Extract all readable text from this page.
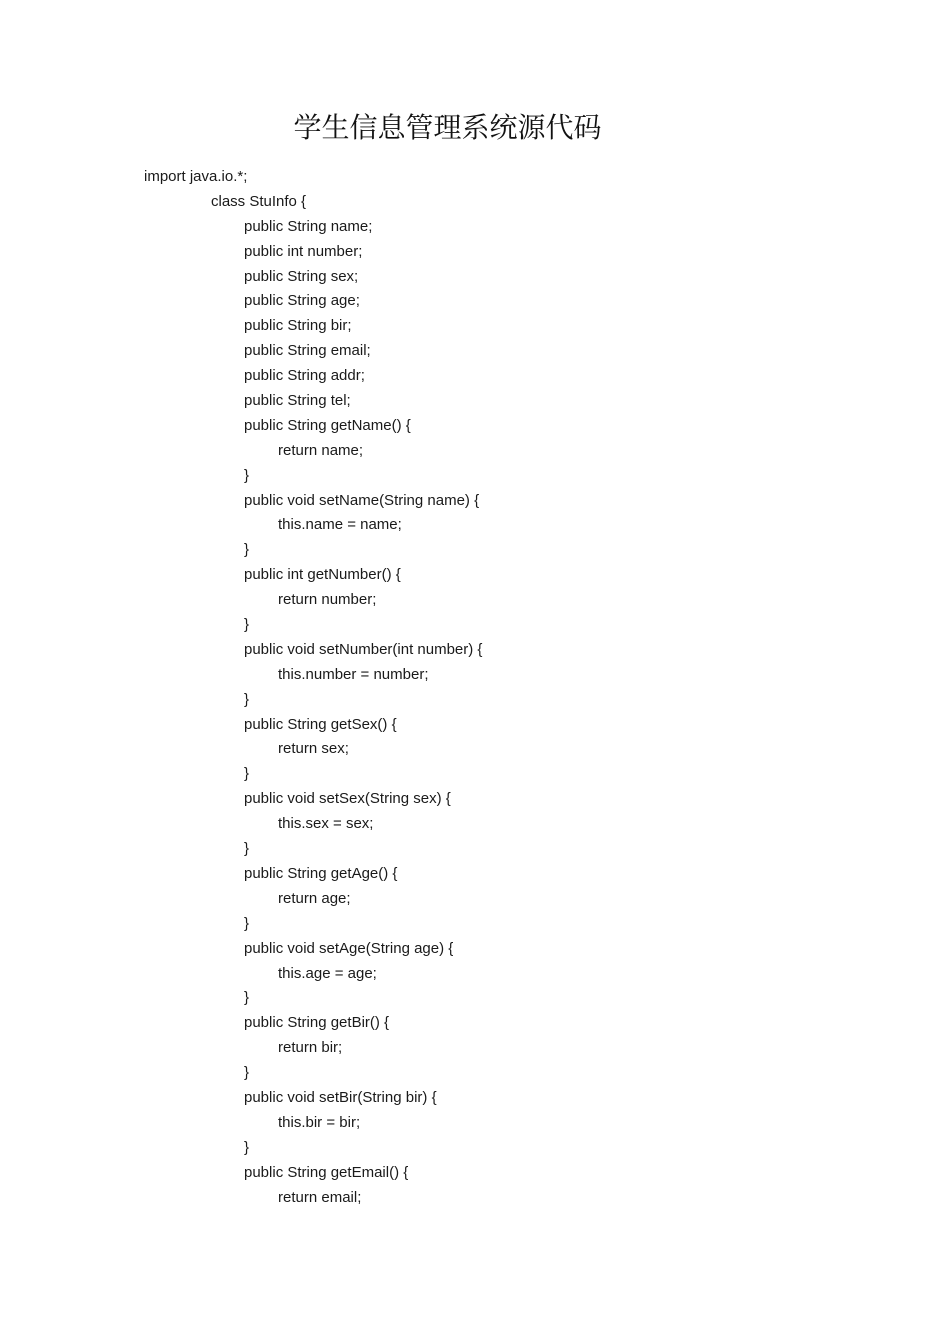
学生信息管理系统源代码
import java.io.*;
class StuInfo {
public String name;
public int number;
public String sex;
public String age;
public String bir;
public String email;
public String addr;
public String tel;
public String getName() {
return name;
}
public void setName(String name) {
this.name = name;
}
public int getNumber() {
return number;
}
public void setNumber(int number) {
this.number = number;
}
public String getSex() {
return sex;
}
public void setSex(String sex) {
this.sex = sex;
}
public String getAge() {
return age;
}
public void setAge(String age) {
this.age = age;
}
public String getBir() {
return bir;
}
public void setBir(String bir) {
this.bir = bir;
}
public String getEmail() {
return email;
